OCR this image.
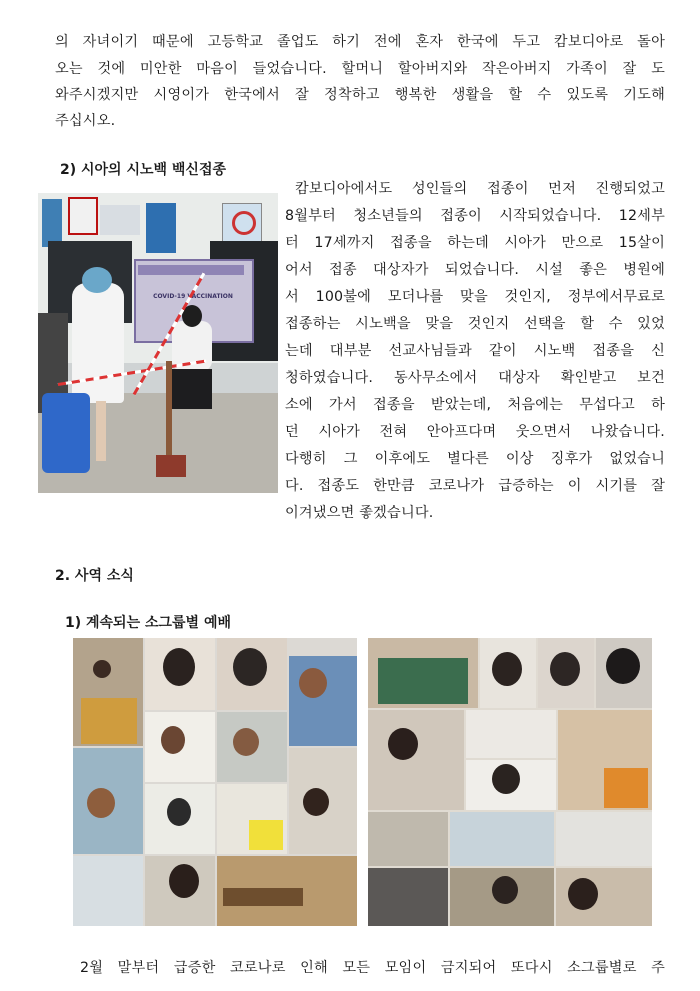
의 자녀이기 때문에 고등학교 졸업도 하기 전에 혼자 한국에 두고 캄보디아로 돌아
오는 것에 미안한 마음이 들었습니다. 할머니 할아버지와 작은아버지 가족이 잘 도
와주시겠지만 시영이가 한국에서 잘 정착하고 행복한 생활을 할 수 있도록 기도해
주십시오.
2) 시아의 시노백 백신접종
COVID-19 VACCINATION
캄보디아에서도 성인들의 접종이 먼저 진행되었고
8월부터 청소년들의 접종이 시작되었습니다. 12세부
터 17세까지 접종을 하는데 시아가 만으로 15살이
어서 접종 대상자가 되었습니다. 시설 좋은 병원에
서 100불에 모더나를 맞을 것인지, 정부에서무료로
접종하는 시노백을 맞을 것인지 선택을 할 수 있었
는데 대부분 선교사님들과 같이 시노백 접종을 신
청하였습니다. 동사무소에서 대상자 확인받고 보건
소에 가서 접종을 받았는데, 처음에는 무섭다고 하
던 시아가 전혀 안아프다며 웃으면서 나왔습니다.
다행히 그 이후에도 별다른 이상 징후가 없었습니
다. 접종도 한만큼 코로나가 급증하는 이 시기를 잘
이겨냈으면 좋겠습니다.
2. 사역 소식
1) 계속되는 소그룹별 예배
2월 말부터 급증한 코로나로 인해 모든 모임이 금지되어 또다시 소그룹별로 주
